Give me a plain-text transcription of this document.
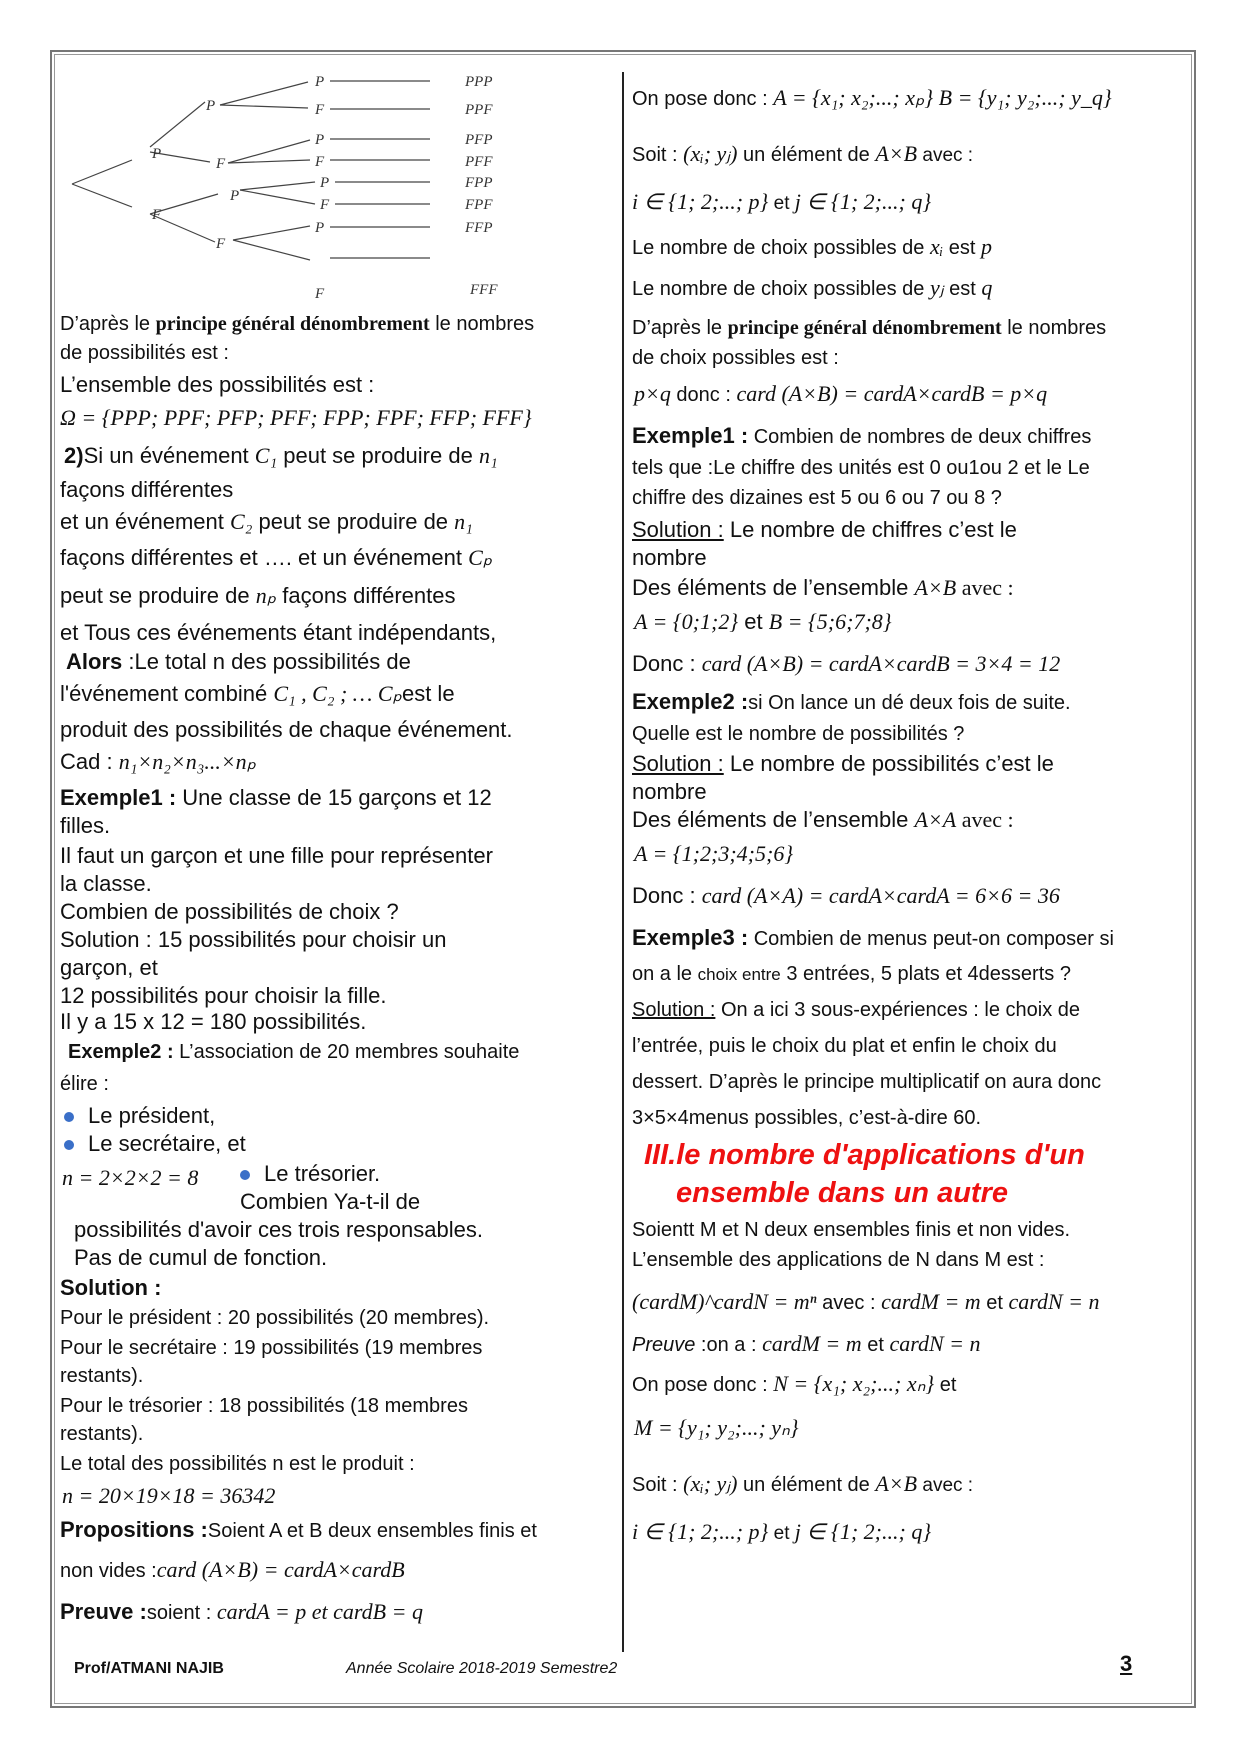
P
F
P
F
P
F
P
F
P
F
P
F
P
F
PPP
PPF
PFP
PFF
FPP
FPF
FFP
FFF
D’après le principe général dénombrement le nombres
de possibilités est :
L’ensemble des possibilités est :
Ω = {PPP; PPF; PFP; PFF; FPP; FPF; FFP; FFF}
2)Si un événement C₁ peut se produire de n₁
façons différentes
et un événement C₂ peut se produire de n₁
façons différentes et …. et un événement Cₚ
peut se produire de nₚ façons différentes
et Tous ces événements étant indépendants,
Alors :Le total n des possibilités de
l'événement combiné C₁ , C₂ ; … Cₚest le
produit des possibilités de chaque événement.
Cad : n₁×n₂×n₃...×nₚ
Exemple1 : Une classe de 15 garçons et 12
filles.
Il faut un garçon et une fille pour représenter
la classe.
Combien de possibilités de choix ?
Solution : 15 possibilités pour choisir un
garçon, et
12 possibilités pour choisir la fille.
Il y a 15 x 12 = 180 possibilités.
Exemple2 : L’association de 20 membres souhaite
élire :
Le président,
Le secrétaire, et
n = 2×2×2 = 8	Le trésorier.
Combien Ya-t-il de
possibilités d'avoir ces trois responsables.
Pas de cumul de fonction.
Solution :
Pour le président : 20 possibilités (20 membres).
Pour le secrétaire : 19 possibilités (19 membres
restants).
Pour le trésorier : 18 possibilités (18 membres
restants).
Le total des possibilités n est le produit :
n = 20×19×18 = 36342
Propositions :Soient A et B deux ensembles finis et
non vides :card (A×B) = cardA×cardB
Preuve :soient : cardA = p et cardB = q
On pose donc : A = {x₁; x₂;...; xₚ} B = {y₁; y₂;...; y_q}
Soit : (xᵢ; yⱼ) un élément de A×B avec :
i ∈ {1; 2;...; p} et j ∈ {1; 2;...; q}
Le nombre de choix possibles de xᵢ est p
Le nombre de choix possibles de yⱼ est q
D’après le principe général dénombrement le nombres
de choix possibles est :
p×q donc : card (A×B) = cardA×cardB = p×q
Exemple1 : Combien de nombres de deux chiffres
tels que :Le chiffre des unités est 0 ou1ou 2 et le Le
chiffre des dizaines est 5 ou 6 ou 7 ou 8 ?
Solution : Le nombre de chiffres c’est le
nombre
Des éléments de l’ensemble A×B avec :
A = {0;1;2} et B = {5;6;7;8}
Donc : card (A×B) = cardA×cardB = 3×4 = 12
Exemple2 :si On lance un dé deux fois de suite.
Quelle est le nombre de possibilités ?
Solution : Le nombre de possibilités c’est le
nombre
Des éléments de l’ensemble A×A avec :
A = {1;2;3;4;5;6}
Donc : card (A×A) = cardA×cardA = 6×6 = 36
Exemple3 : Combien de menus peut-on composer si
on a le choix entre 3 entrées, 5 plats et 4desserts ?
Solution : On a ici 3 sous-expériences : le choix de
l’entrée, puis le choix du plat et enfin le choix du
dessert. D’après le principe multiplicatif on aura donc
3×5×4menus possibles, c’est-à-dire 60.
III.le nombre d'applications d'un
ensemble dans un autre
Soientt M et N deux ensembles finis et non vides.
L’ensemble des applications de N dans M est :
(cardM)^cardN = mⁿ avec : cardM = m et cardN = n
Preuve :on a : cardM = m et cardN = n
On pose donc : N = {x₁; x₂;...; xₙ} et
M = {y₁; y₂;...; yₙ}
Soit : (xᵢ; yⱼ) un élément de A×B avec :
i ∈ {1; 2;...; p} et j ∈ {1; 2;...; q}
Prof/ATMANI NAJIB	Année Scolaire 2018-2019 Semestre2	3
